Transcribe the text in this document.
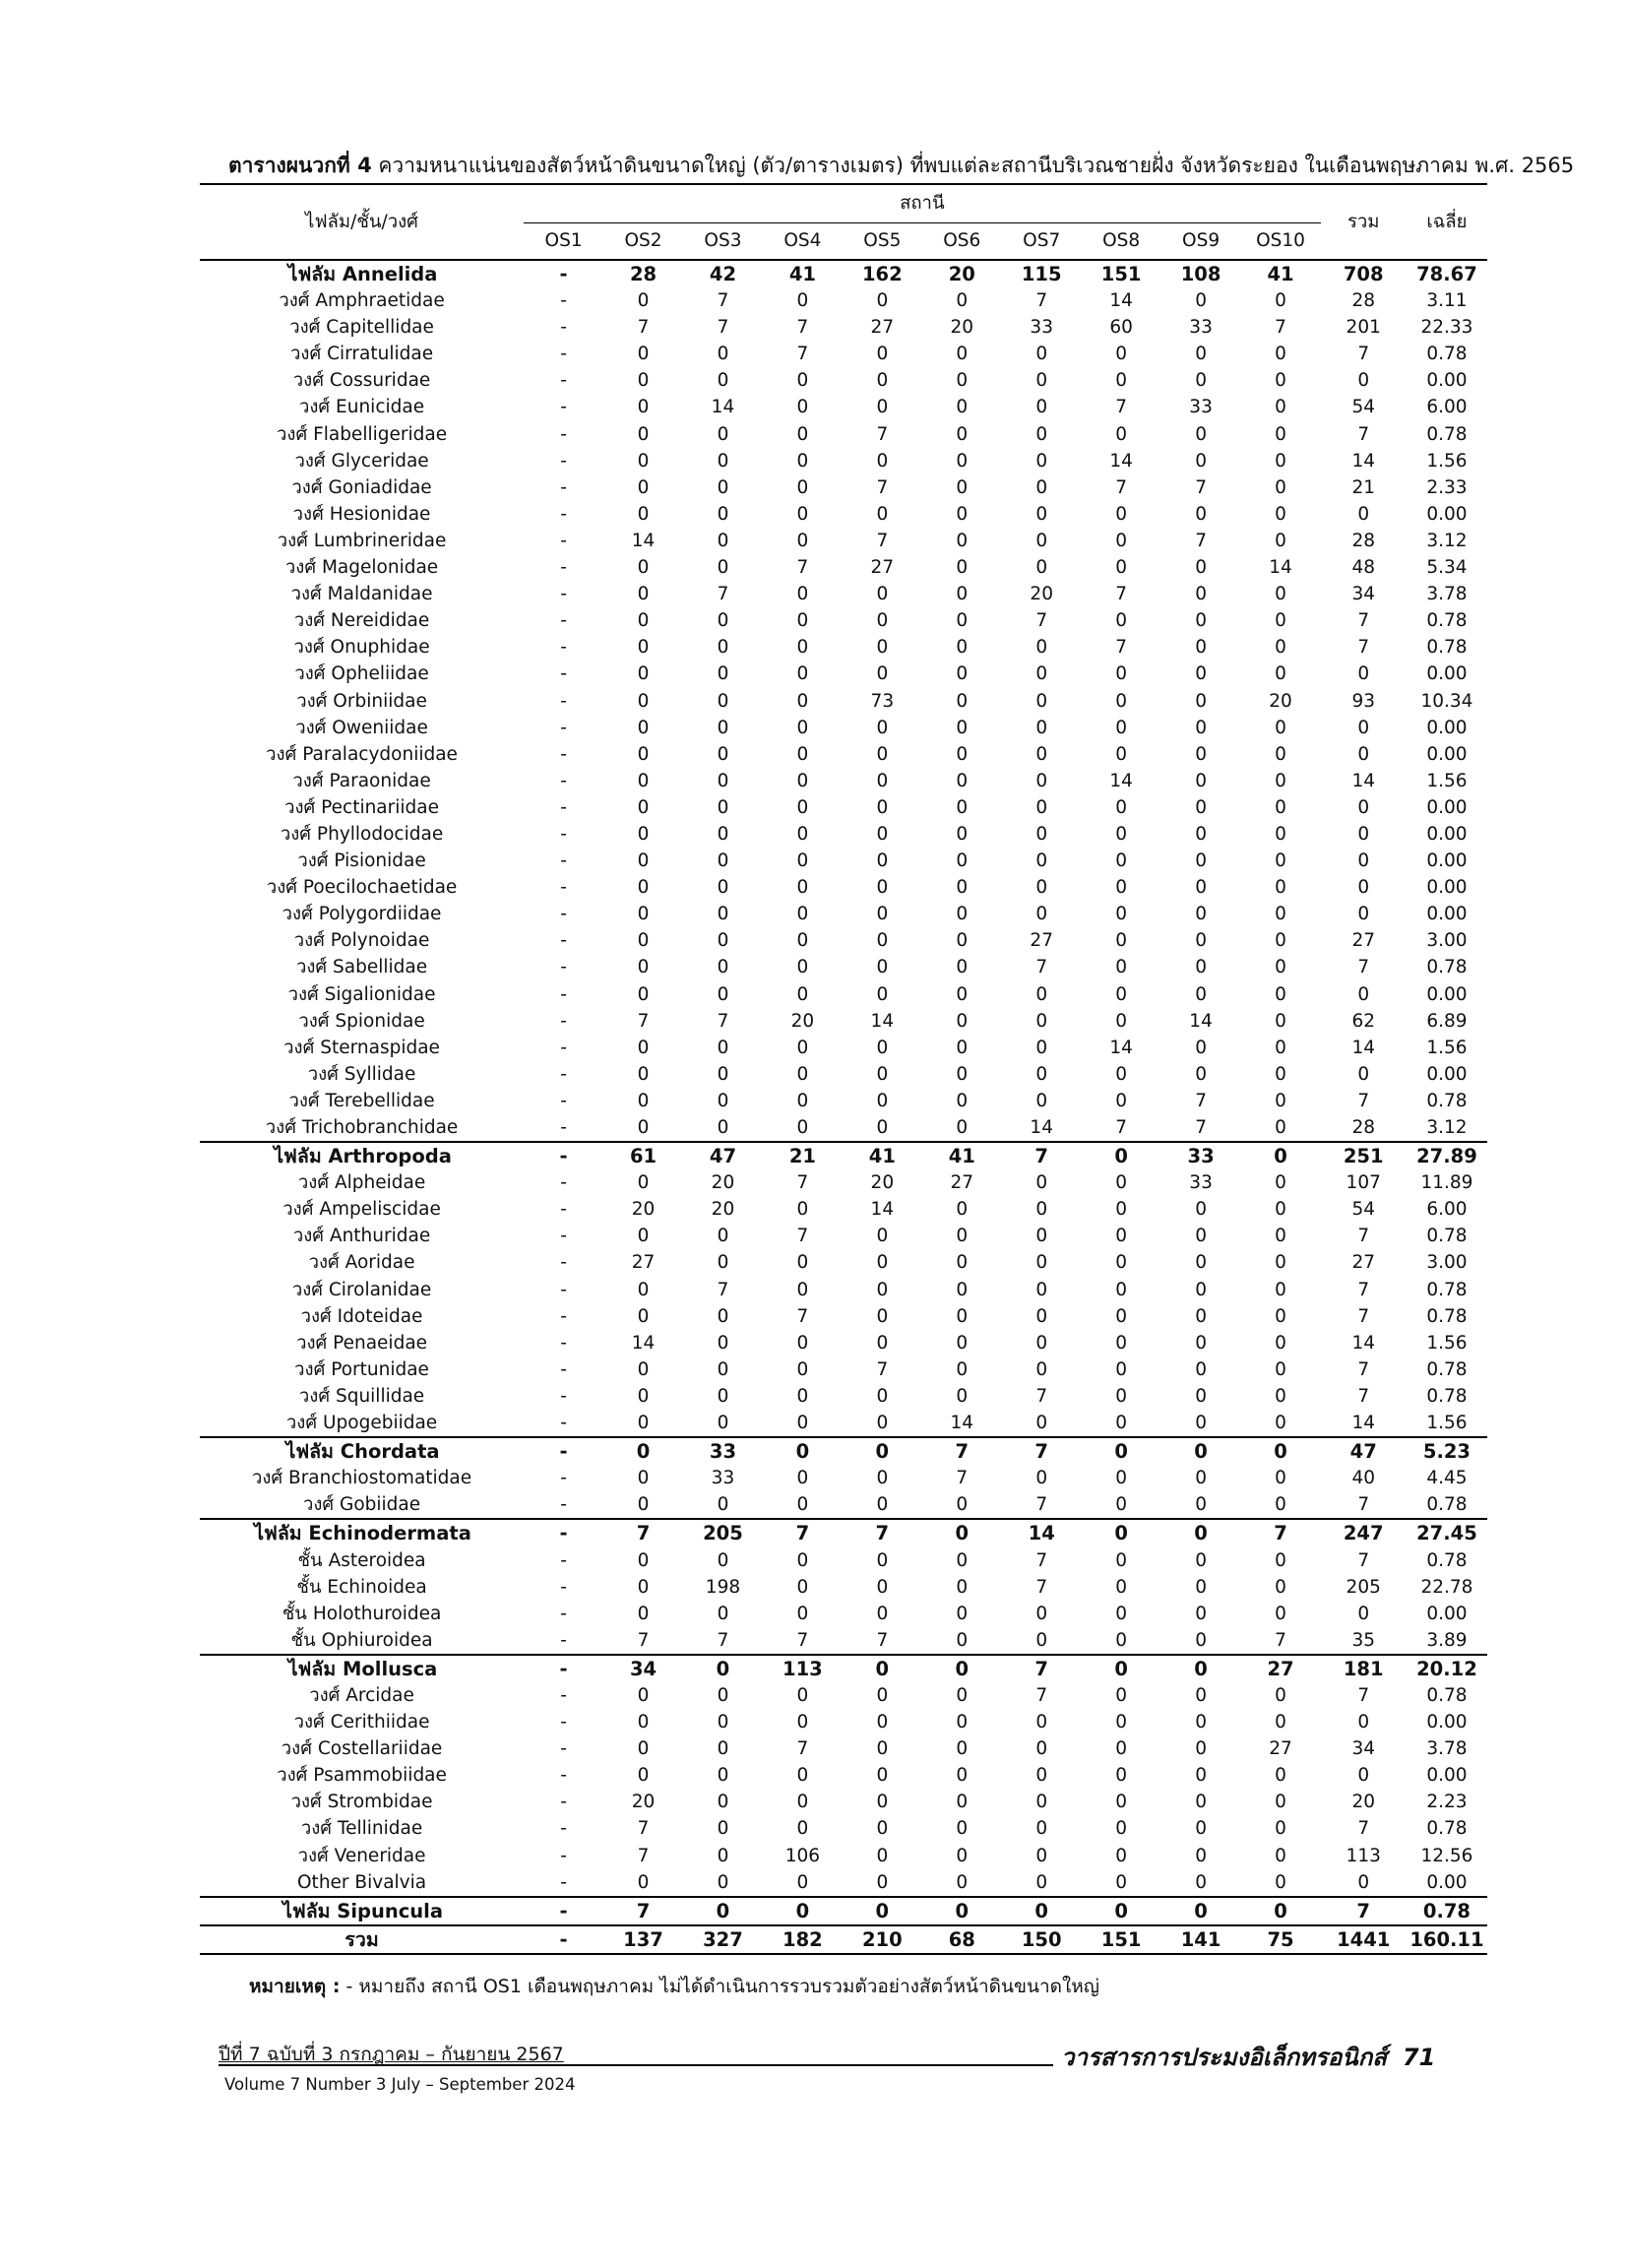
ตารางผนวกที่ 4 ความหนาแน่นของสัตว์หน้าดินขนาดใหญ่ (ตัว/ตารางเมตร) ที่พบแต่ละสถานีบริเวณชายฝั่ง จังหวัดระยอง ในเดือนพฤษภาคม พ.ศ. 2565
ไฟลัม/ชั้น/วงศ์	สถานี										รวม	เฉลี่ย
	OS1	OS2	OS3	OS4	OS5	OS6	OS7	OS8	OS9	OS10		
ไฟลัม Annelida	-	28	42	41	162	20	115	151	108	41	708	78.67
วงศ์ Amphraetidae	-	0	7	0	0	0	7	14	0	0	28	3.11
วงศ์ Capitellidae	-	7	7	7	27	20	33	60	33	7	201	22.33
วงศ์ Cirratulidae	-	0	0	7	0	0	0	0	0	0	7	0.78
วงศ์ Cossuridae	-	0	0	0	0	0	0	0	0	0	0	0.00
วงศ์ Eunicidae	-	0	14	0	0	0	0	7	33	0	54	6.00
วงศ์ Flabelligeridae	-	0	0	0	7	0	0	0	0	0	7	0.78
วงศ์ Glyceridae	-	0	0	0	0	0	0	14	0	0	14	1.56
วงศ์ Goniadidae	-	0	0	0	7	0	0	7	7	0	21	2.33
วงศ์ Hesionidae	-	0	0	0	0	0	0	0	0	0	0	0.00
วงศ์ Lumbrineridae	-	14	0	0	7	0	0	0	7	0	28	3.12
วงศ์ Magelonidae	-	0	0	7	27	0	0	0	0	14	48	5.34
วงศ์ Maldanidae	-	0	7	0	0	0	20	7	0	0	34	3.78
วงศ์ Nereididae	-	0	0	0	0	0	7	0	0	0	7	0.78
วงศ์ Onuphidae	-	0	0	0	0	0	0	7	0	0	7	0.78
วงศ์ Opheliidae	-	0	0	0	0	0	0	0	0	0	0	0.00
วงศ์ Orbiniidae	-	0	0	0	73	0	0	0	0	20	93	10.34
วงศ์ Oweniidae	-	0	0	0	0	0	0	0	0	0	0	0.00
วงศ์ Paralacydoniidae	-	0	0	0	0	0	0	0	0	0	0	0.00
วงศ์ Paraonidae	-	0	0	0	0	0	0	14	0	0	14	1.56
วงศ์ Pectinariidae	-	0	0	0	0	0	0	0	0	0	0	0.00
วงศ์ Phyllodocidae	-	0	0	0	0	0	0	0	0	0	0	0.00
วงศ์ Pisionidae	-	0	0	0	0	0	0	0	0	0	0	0.00
วงศ์ Poecilochaetidae	-	0	0	0	0	0	0	0	0	0	0	0.00
วงศ์ Polygordiidae	-	0	0	0	0	0	0	0	0	0	0	0.00
วงศ์ Polynoidae	-	0	0	0	0	0	27	0	0	0	27	3.00
วงศ์ Sabellidae	-	0	0	0	0	0	7	0	0	0	7	0.78
วงศ์ Sigalionidae	-	0	0	0	0	0	0	0	0	0	0	0.00
วงศ์ Spionidae	-	7	7	20	14	0	0	0	14	0	62	6.89
วงศ์ Sternaspidae	-	0	0	0	0	0	0	14	0	0	14	1.56
วงศ์ Syllidae	-	0	0	0	0	0	0	0	0	0	0	0.00
วงศ์ Terebellidae	-	0	0	0	0	0	0	0	7	0	7	0.78
วงศ์ Trichobranchidae	-	0	0	0	0	0	14	7	7	0	28	3.12
ไฟลัม Arthropoda	-	61	47	21	41	41	7	0	33	0	251	27.89
วงศ์ Alpheidae	-	0	20	7	20	27	0	0	33	0	107	11.89
วงศ์ Ampeliscidae	-	20	20	0	14	0	0	0	0	0	54	6.00
วงศ์ Anthuridae	-	0	0	7	0	0	0	0	0	0	7	0.78
วงศ์ Aoridae	-	27	0	0	0	0	0	0	0	0	27	3.00
วงศ์ Cirolanidae	-	0	7	0	0	0	0	0	0	0	7	0.78
วงศ์ Idoteidae	-	0	0	7	0	0	0	0	0	0	7	0.78
วงศ์ Penaeidae	-	14	0	0	0	0	0	0	0	0	14	1.56
วงศ์ Portunidae	-	0	0	0	7	0	0	0	0	0	7	0.78
วงศ์ Squillidae	-	0	0	0	0	0	7	0	0	0	7	0.78
วงศ์ Upogebiidae	-	0	0	0	0	14	0	0	0	0	14	1.56
ไฟลัม Chordata	-	0	33	0	0	7	7	0	0	0	47	5.23
วงศ์ Branchiostomatidae	-	0	33	0	0	7	0	0	0	0	40	4.45
วงศ์ Gobiidae	-	0	0	0	0	0	7	0	0	0	7	0.78
ไฟลัม Echinodermata	-	7	205	7	7	0	14	0	0	7	247	27.45
ชั้น Asteroidea	-	0	0	0	0	0	7	0	0	0	7	0.78
ชั้น Echinoidea	-	0	198	0	0	0	7	0	0	0	205	22.78
ชั้น Holothuroidea	-	0	0	0	0	0	0	0	0	0	0	0.00
ชั้น Ophiuroidea	-	7	7	7	7	0	0	0	0	7	35	3.89
ไฟลัม Mollusca	-	34	0	113	0	0	7	0	0	27	181	20.12
วงศ์ Arcidae	-	0	0	0	0	0	7	0	0	0	7	0.78
วงศ์ Cerithiidae	-	0	0	0	0	0	0	0	0	0	0	0.00
วงศ์ Costellariidae	-	0	0	7	0	0	0	0	0	27	34	3.78
วงศ์ Psammobiidae	-	0	0	0	0	0	0	0	0	0	0	0.00
วงศ์ Strombidae	-	20	0	0	0	0	0	0	0	0	20	2.23
วงศ์ Tellinidae	-	7	0	0	0	0	0	0	0	0	7	0.78
วงศ์ Veneridae	-	7	0	106	0	0	0	0	0	0	113	12.56
Other Bivalvia	-	0	0	0	0	0	0	0	0	0	0	0.00
ไฟลัม Sipuncula	-	7	0	0	0	0	0	0	0	0	7	0.78
รวม	-	137	327	182	210	68	150	151	141	75	1441	160.11
หมายเหตุ : - หมายถึง สถานี OS1 เดือนพฤษภาคม ไม่ได้ดำเนินการรวบรวมตัวอย่างสัตว์หน้าดินขนาดใหญ่
ปีที่ 7 ฉบับที่ 3 กรกฎาคม – กันยายน 2567
Volume 7 Number 3 July – September 2024
วารสารการประมงอิเล็กทรอนิกส์ 71
